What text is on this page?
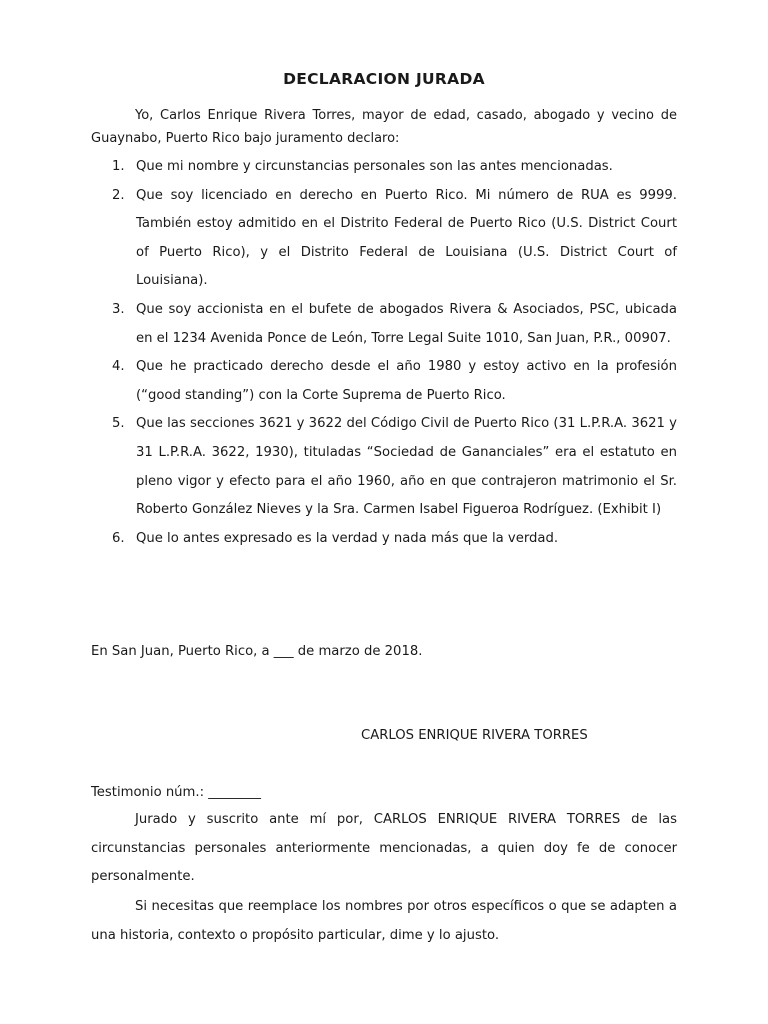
DECLARACION JURADA

Yo, Carlos Enrique Rivera Torres, mayor de edad, casado, abogado y vecino de Guaynabo, Puerto Rico bajo juramento declaro:

1. Que mi nombre y circunstancias personales son las antes mencionadas.
2. Que soy licenciado en derecho en Puerto Rico. Mi número de RUA es 9999. También estoy admitido en el Distrito Federal de Puerto Rico (U.S. District Court of Puerto Rico), y el Distrito Federal de Louisiana (U.S. District Court of Louisiana).
3. Que soy accionista en el bufete de abogados Rivera & Asociados, PSC, ubicada en el 1234 Avenida Ponce de León, Torre Legal Suite 1010, San Juan, P.R., 00907.
4. Que he practicado derecho desde el año 1980 y estoy activo en la profesión (“good standing”) con la Corte Suprema de Puerto Rico.
5. Que las secciones 3621 y 3622 del Código Civil de Puerto Rico (31 L.P.R.A. 3621 y 31 L.P.R.A. 3622, 1930), tituladas “Sociedad de Gananciales” era el estatuto en pleno vigor y efecto para el año 1960, año en que contrajeron matrimonio el Sr. Roberto González Nieves y la Sra. Carmen Isabel Figueroa Rodríguez. (Exhibit I)
6. Que lo antes expresado es la verdad y nada más que la verdad.
En San Juan, Puerto Rico, a ___ de marzo de 2018.
CARLOS ENRIQUE RIVERA TORRES
Testimonio núm.: ________

Jurado y suscrito ante mí por, CARLOS ENRIQUE RIVERA TORRES de las circunstancias personales anteriormente mencionadas, a quien doy fe de conocer personalmente.

Si necesitas que reemplace los nombres por otros específicos o que se adapten a una historia, contexto o propósito particular, dime y lo ajusto.
